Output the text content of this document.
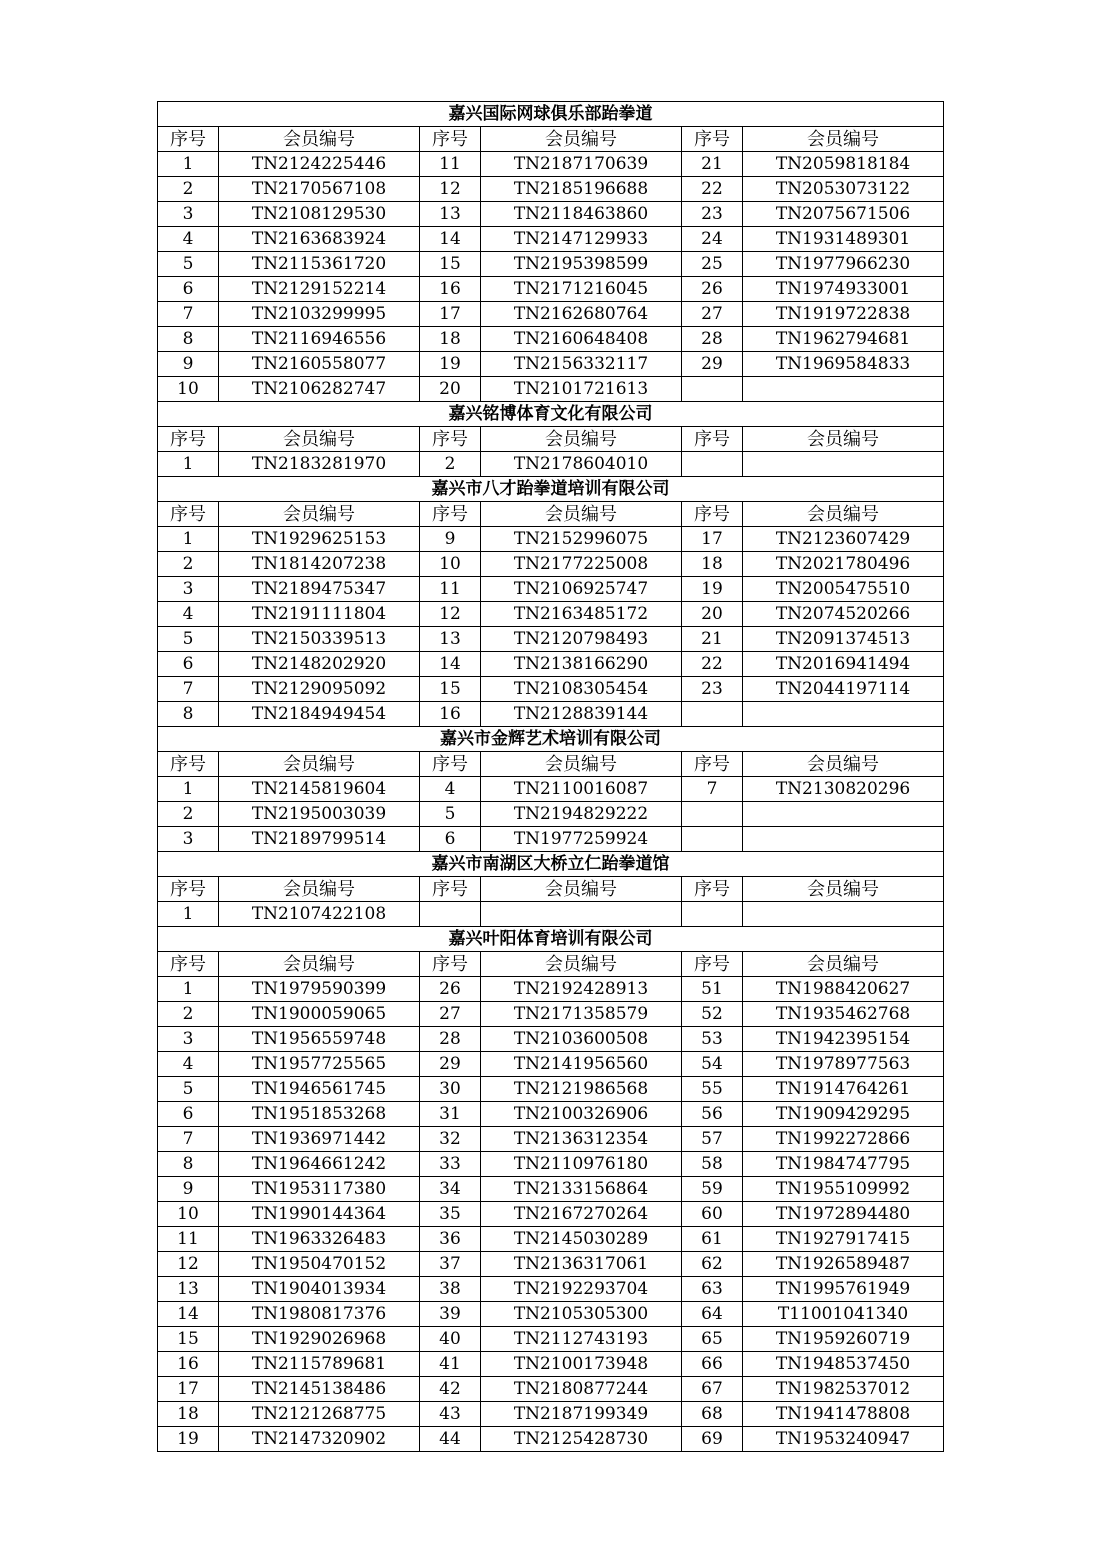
嘉兴国际网球俱乐部跆拳道					
序号	会员编号	序号	会员编号	序号	会员编号
1	TN2124225446	11	TN2187170639	21	TN2059818184
2	TN2170567108	12	TN2185196688	22	TN2053073122
3	TN2108129530	13	TN2118463860	23	TN2075671506
4	TN2163683924	14	TN2147129933	24	TN1931489301
5	TN2115361720	15	TN2195398599	25	TN1977966230
6	TN2129152214	16	TN2171216045	26	TN1974933001
7	TN2103299995	17	TN2162680764	27	TN1919722838
8	TN2116946556	18	TN2160648408	28	TN1962794681
9	TN2160558077	19	TN2156332117	29	TN1969584833
10	TN2106282747	20	TN2101721613		
嘉兴铭博体育文化有限公司					
序号	会员编号	序号	会员编号	序号	会员编号
1	TN2183281970	2	TN2178604010		
嘉兴市八才跆拳道培训有限公司					
序号	会员编号	序号	会员编号	序号	会员编号
1	TN1929625153	9	TN2152996075	17	TN2123607429
2	TN1814207238	10	TN2177225008	18	TN2021780496
3	TN2189475347	11	TN2106925747	19	TN2005475510
4	TN2191111804	12	TN2163485172	20	TN2074520266
5	TN2150339513	13	TN2120798493	21	TN2091374513
6	TN2148202920	14	TN2138166290	22	TN2016941494
7	TN2129095092	15	TN2108305454	23	TN2044197114
8	TN2184949454	16	TN2128839144		
嘉兴市金辉艺术培训有限公司					
序号	会员编号	序号	会员编号	序号	会员编号
1	TN2145819604	4	TN2110016087	7	TN2130820296
2	TN2195003039	5	TN2194829222		
3	TN2189799514	6	TN1977259924		
嘉兴市南湖区大桥立仁跆拳道馆					
序号	会员编号	序号	会员编号	序号	会员编号
1	TN2107422108				
嘉兴叶阳体育培训有限公司					
序号	会员编号	序号	会员编号	序号	会员编号
1	TN1979590399	26	TN2192428913	51	TN1988420627
2	TN1900059065	27	TN2171358579	52	TN1935462768
3	TN1956559748	28	TN2103600508	53	TN1942395154
4	TN1957725565	29	TN2141956560	54	TN1978977563
5	TN1946561745	30	TN2121986568	55	TN1914764261
6	TN1951853268	31	TN2100326906	56	TN1909429295
7	TN1936971442	32	TN2136312354	57	TN1992272866
8	TN1964661242	33	TN2110976180	58	TN1984747795
9	TN1953117380	34	TN2133156864	59	TN1955109992
10	TN1990144364	35	TN2167270264	60	TN1972894480
11	TN1963326483	36	TN2145030289	61	TN1927917415
12	TN1950470152	37	TN2136317061	62	TN1926589487
13	TN1904013934	38	TN2192293704	63	TN1995761949
14	TN1980817376	39	TN2105305300	64	T11001041340
15	TN1929026968	40	TN2112743193	65	TN1959260719
16	TN2115789681	41	TN2100173948	66	TN1948537450
17	TN2145138486	42	TN2180877244	67	TN1982537012
18	TN2121268775	43	TN2187199349	68	TN1941478808
19	TN2147320902	44	TN2125428730	69	TN1953240947
